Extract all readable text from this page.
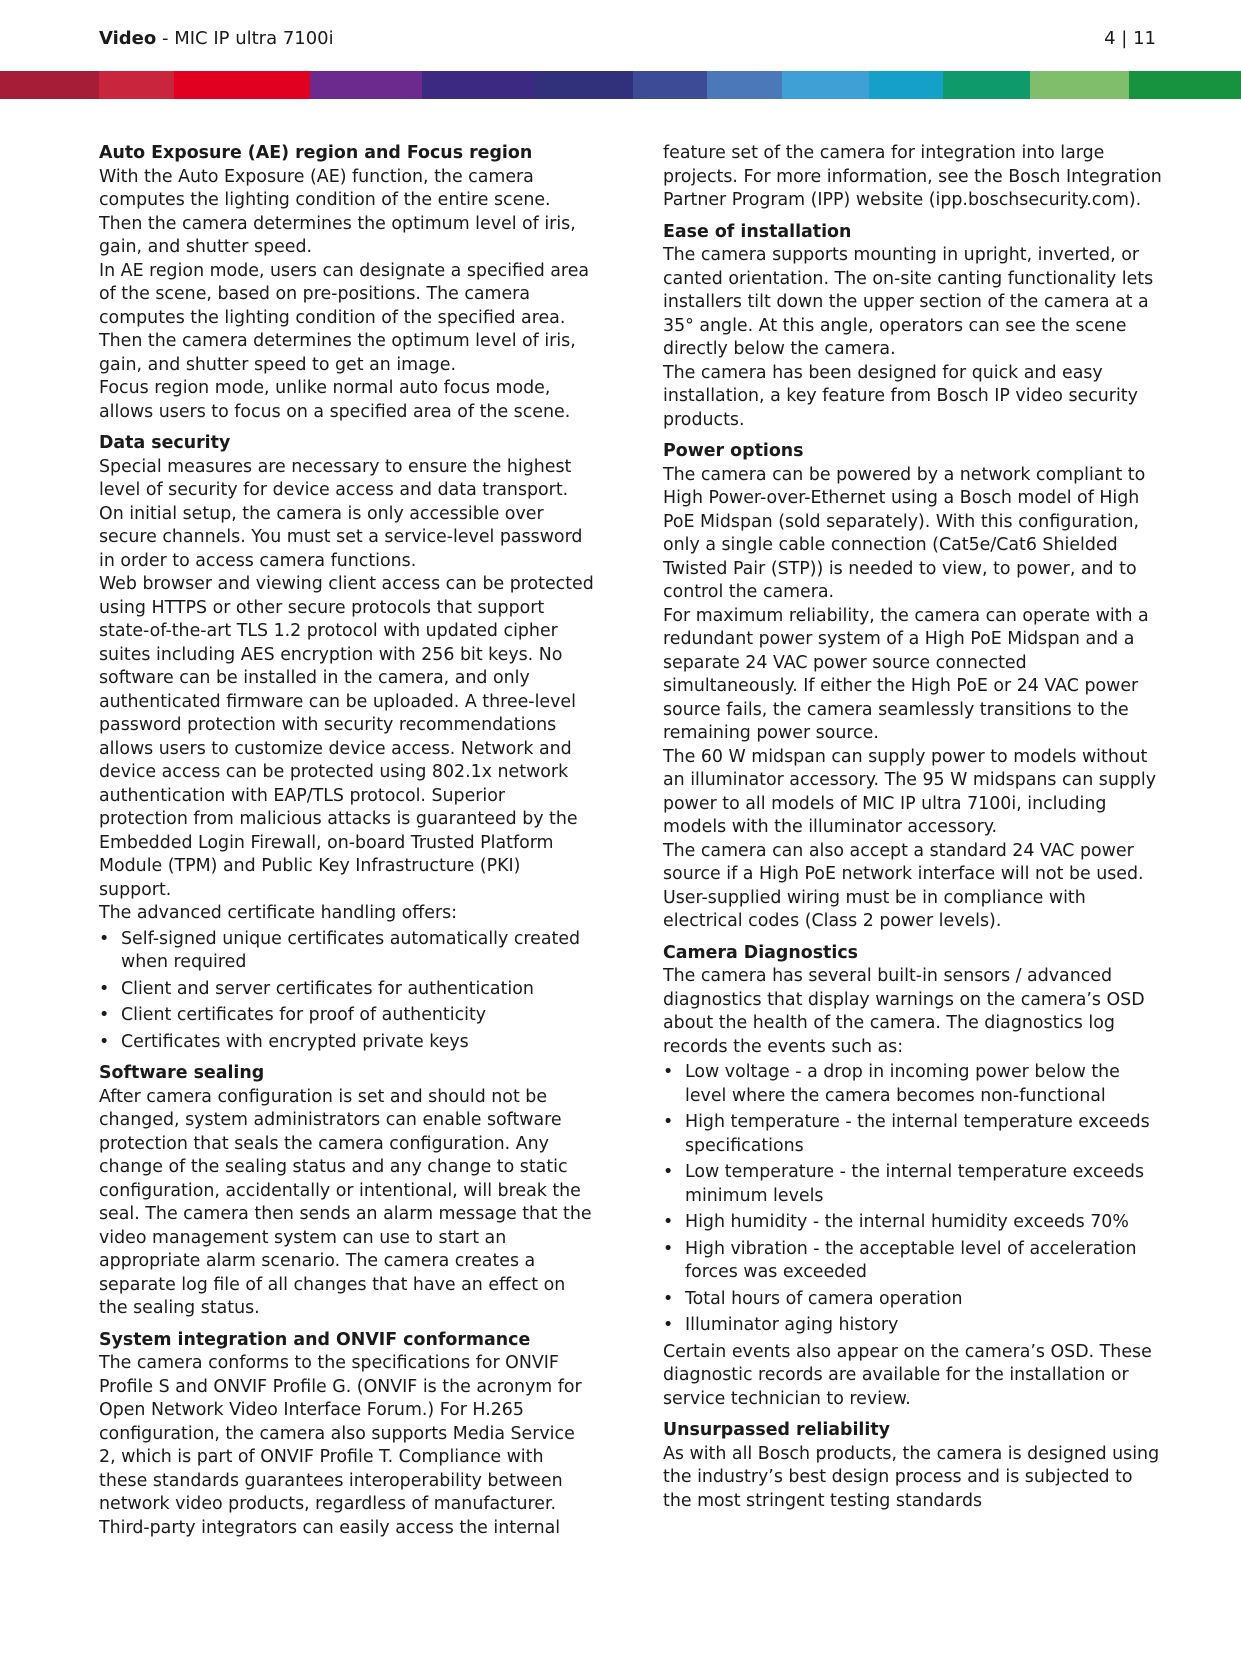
Video - MIC IP ultra 7100i	4 | 11
Auto Exposure (AE) region and Focus region

With the Auto Exposure (AE) function, the camera computes the lighting condition of the entire scene. Then the camera determines the optimum level of iris, gain, and shutter speed.

In AE region mode, users can designate a specified area of the scene, based on pre-positions. The camera computes the lighting condition of the specified area. Then the camera determines the optimum level of iris, gain, and shutter speed to get an image.

Focus region mode, unlike normal auto focus mode, allows users to focus on a specified area of the scene.

Data security

Special measures are necessary to ensure the highest level of security for device access and data transport. On initial setup, the camera is only accessible over secure channels. You must set a service-level password in order to access camera functions.

Web browser and viewing client access can be protected using HTTPS or other secure protocols that support state-of-the-art TLS 1.2 protocol with updated cipher suites including AES encryption with 256 bit keys. No software can be installed in the camera, and only authenticated firmware can be uploaded. A three-level password protection with security recommendations allows users to customize device access. Network and device access can be protected using 802.1x network authentication with EAP/TLS protocol. Superior protection from malicious attacks is guaranteed by the Embedded Login Firewall, on-board Trusted Platform Module (TPM) and Public Key Infrastructure (PKI) support.

The advanced certificate handling offers:

• Self-signed unique certificates automatically created when required
• Client and server certificates for authentication
• Client certificates for proof of authenticity
• Certificates with encrypted private keys
Software sealing

After camera configuration is set and should not be changed, system administrators can enable software protection that seals the camera configuration. Any change of the sealing status and any change to static configuration, accidentally or intentional, will break the seal. The camera then sends an alarm message that the video management system can use to start an appropriate alarm scenario. The camera creates a separate log file of all changes that have an effect on the sealing status.

System integration and ONVIF conformance

The camera conforms to the specifications for ONVIF Profile S and ONVIF Profile G. (ONVIF is the acronym for Open Network Video Interface Forum.) For H.265 configuration, the camera also supports Media Service 2, which is part of ONVIF Profile T. Compliance with these standards guarantees interoperability between network video products, regardless of manufacturer. Third-party integrators can easily access the internal

feature set of the camera for integration into large projects. For more information, see the Bosch Integration Partner Program (IPP) website (ipp.boschsecurity.com).

Ease of installation

The camera supports mounting in upright, inverted, or canted orientation. The on-site canting functionality lets installers tilt down the upper section of the camera at a 35° angle. At this angle, operators can see the scene directly below the camera.

The camera has been designed for quick and easy installation, a key feature from Bosch IP video security products.

Power options

The camera can be powered by a network compliant to High Power-over-Ethernet using a Bosch model of High PoE Midspan (sold separately). With this configuration, only a single cable connection (Cat5e/Cat6 Shielded Twisted Pair (STP)) is needed to view, to power, and to control the camera.

For maximum reliability, the camera can operate with a redundant power system of a High PoE Midspan and a separate 24 VAC power source connected simultaneously. If either the High PoE or 24 VAC power source fails, the camera seamlessly transitions to the remaining power source.

The 60 W midspan can supply power to models without an illuminator accessory. The 95 W midspans can supply power to all models of MIC IP ultra 7100i, including models with the illuminator accessory.

The camera can also accept a standard 24 VAC power source if a High PoE network interface will not be used. User-supplied wiring must be in compliance with electrical codes (Class 2 power levels).

Camera Diagnostics

The camera has several built-in sensors / advanced diagnostics that display warnings on the camera’s OSD about the health of the camera. The diagnostics log records the events such as:

• Low voltage - a drop in incoming power below the level where the camera becomes non-functional
• High temperature - the internal temperature exceeds specifications
• Low temperature - the internal temperature exceeds minimum levels
• High humidity - the internal humidity exceeds 70%
• High vibration - the acceptable level of acceleration forces was exceeded
• Total hours of camera operation
• Illuminator aging history

Certain events also appear on the camera’s OSD. These diagnostic records are available for the installation or service technician to review.

Unsurpassed reliability

As with all Bosch products, the camera is designed using the industry’s best design process and is subjected to the most stringent testing standards
